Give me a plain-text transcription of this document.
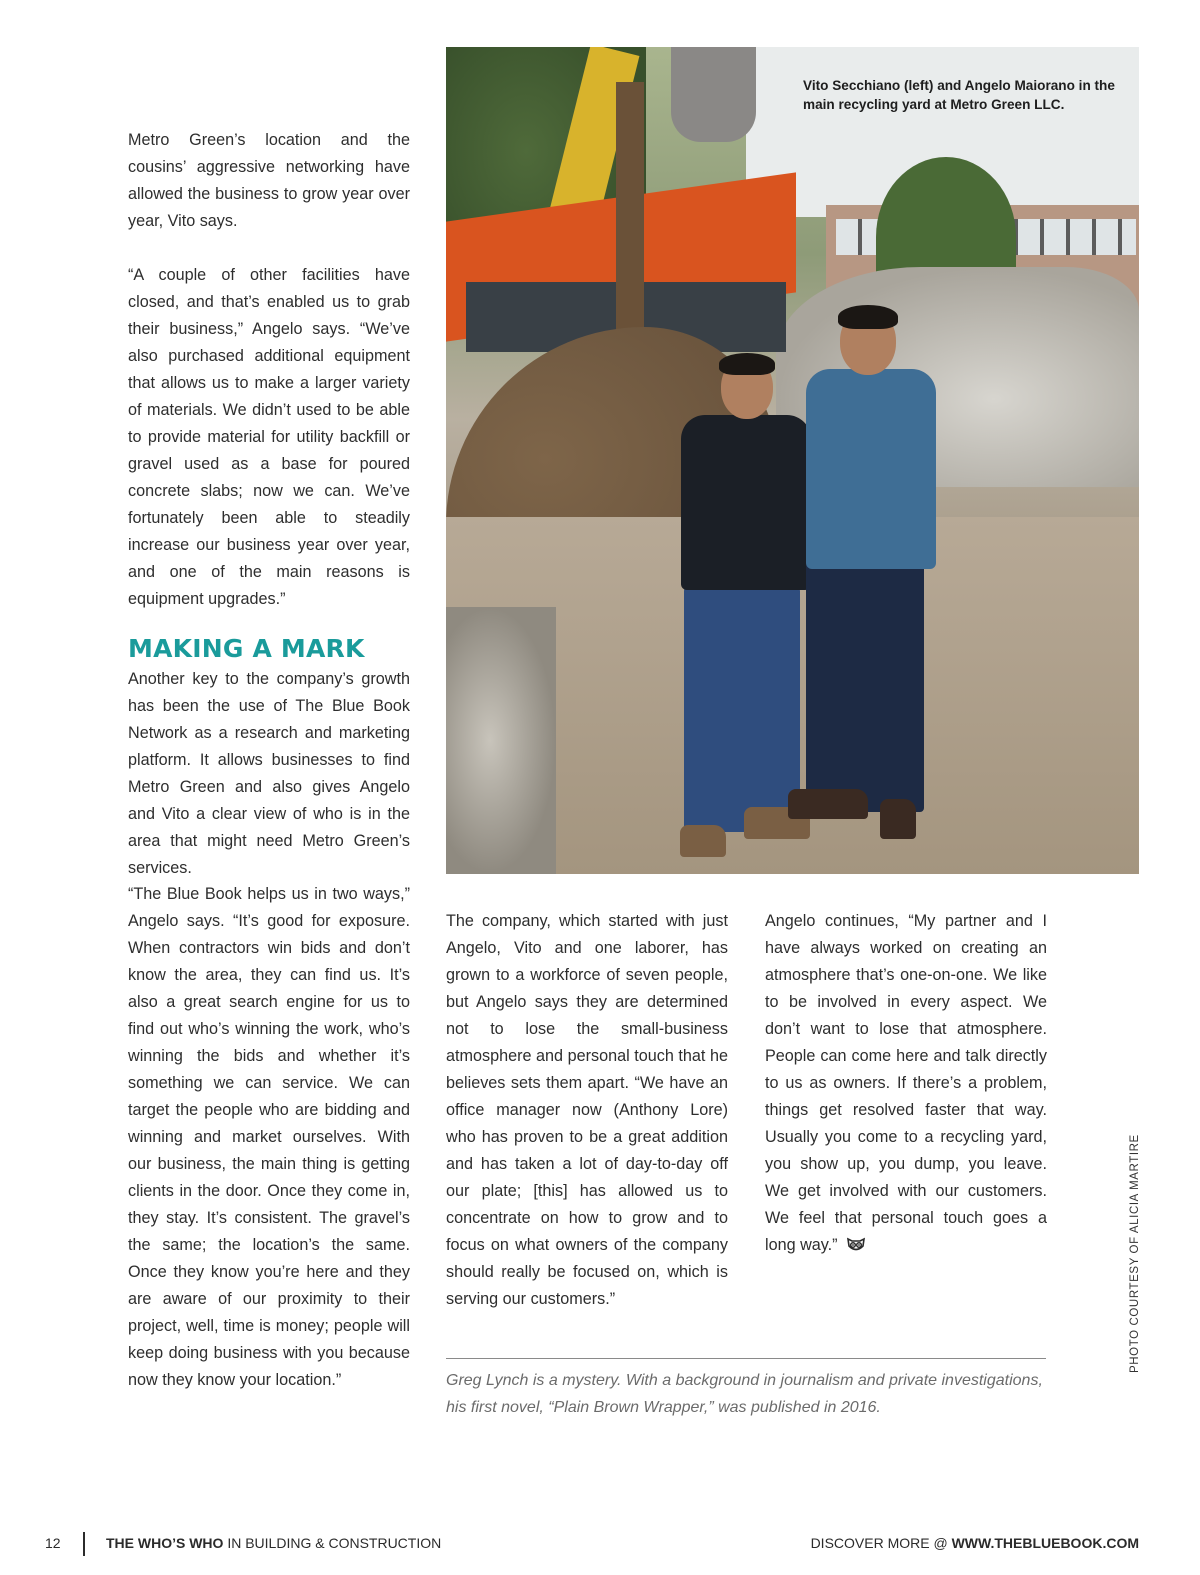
Metro Green’s location and the cousins’ aggressive networking have allowed the business to grow year over year, Vito says.

“A couple of other facilities have closed, and that’s enabled us to grab their business,” Angelo says. “We’ve also purchased additional equipment that allows us to make a larger variety of materials. We didn’t used to be able to provide material for utility backfill or gravel used as a base for poured concrete slabs; now we can. We’ve fortunately been able to steadily increase our business year over year, and one of the main reasons is equipment upgrades.”

MAKING A MARK

Another key to the company’s growth has been the use of The Blue Book Network as a research and marketing platform. It allows businesses to find Metro Green and also gives Angelo and Vito a clear view of who is in the area that might need Metro Green’s services.

“The Blue Book helps us in two ways,” Angelo says. “It’s good for exposure. When contractors win bids and don’t know the area, they can find us. It’s also a great search engine for us to find out who’s winning the work, who’s winning the bids and whether it’s something we can service. We can target the people who are bidding and winning and market ourselves. With our business, the main thing is getting clients in the door. Once they come in, they stay. It’s consistent. The gravel’s the same; the location’s the same. Once they know you’re here and they are aware of our proximity to their project, well, time is money; people will keep doing business with you because now they know your location.”

Vito Secchiano (left) and Angelo Maiorano in the main recycling yard at Metro Green LLC.

The company, which started with just Angelo, Vito and one laborer, has grown to a workforce of seven people, but Angelo says they are determined not to lose the small-business atmosphere and personal touch that he believes sets them apart. “We have an office manager now (Anthony Lore) who has proven to be a great addition and has taken a lot of day-to-day off our plate; [this] has allowed us to concentrate on how to grow and to focus on what owners of the company should really be focused on, which is serving our customers.”

Angelo continues, “My partner and I have always worked on creating an atmosphere that’s one-on-one. We like to be involved in every aspect. We don’t want to lose that atmosphere. People can come here and talk directly to us as owners. If there’s a problem, things get resolved faster that way. Usually you come to a recycling yard, you show up, you dump, you leave. We get involved with our customers. We feel that personal touch goes a long way.”	PHOTO COURTESY OF ALICIA MARTIRE

Greg Lynch is a mystery. With a background in journalism and private investigations, his first novel, “Plain Brown Wrapper,” was published in 2016.

12	THE WHO’S WHO IN BUILDING & CONSTRUCTION	DISCOVER MORE @ WWW.THEBLUEBOOK.COM
